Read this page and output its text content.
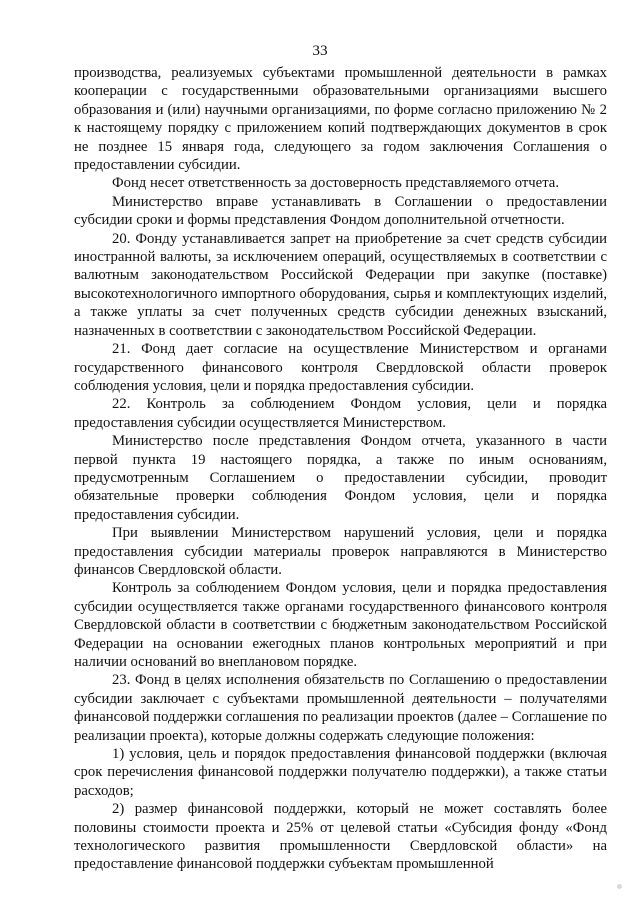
33

производства, реализуемых субъектами промышленной деятельности в рамках кооперации с государственными образовательными организациями высшего образования и (или) научными организациями, по форме согласно приложению № 2 к настоящему порядку с приложением копий подтверждающих документов в срок не позднее 15 января года, следующего за годом заключения Соглашения о предоставлении субсидии.

Фонд несет ответственность за достоверность представляемого отчета.

Министерство вправе устанавливать в Соглашении о предоставлении субсидии сроки и формы представления Фондом дополнительной отчетности.

20. Фонду устанавливается запрет на приобретение за счет средств субсидии иностранной валюты, за исключением операций, осуществляемых в соответствии с валютным законодательством Российской Федерации при закупке (поставке) высокотехнологичного импортного оборудования, сырья и комплектующих изделий, а также уплаты за счет полученных средств субсидии денежных взысканий, назначенных в соответствии с законодательством Российской Федерации.

21. Фонд дает согласие на осуществление Министерством и органами государственного финансового контроля Свердловской области проверок соблюдения условия, цели и порядка предоставления субсидии.

22. Контроль за соблюдением Фондом условия, цели и порядка предоставления субсидии осуществляется Министерством.

Министерство после представления Фондом отчета, указанного в части первой пункта 19 настоящего порядка, а также по иным основаниям, предусмотренным Соглашением о предоставлении субсидии, проводит обязательные проверки соблюдения Фондом условия, цели и порядка предоставления субсидии.

При выявлении Министерством нарушений условия, цели и порядка предоставления субсидии материалы проверок направляются в Министерство финансов Свердловской области.

Контроль за соблюдением Фондом условия, цели и порядка предоставления субсидии осуществляется также органами государственного финансового контроля Свердловской области в соответствии с бюджетным законодательством Российской Федерации на основании ежегодных планов контрольных мероприятий и при наличии оснований во внеплановом порядке.

23. Фонд в целях исполнения обязательств по Соглашению о предоставлении субсидии заключает с субъектами промышленной деятельности – получателями финансовой поддержки соглашения по реализации проектов (далее – Соглашение по реализации проекта), которые должны содержать следующие положения:

1) условия, цель и порядок предоставления финансовой поддержки (включая срок перечисления финансовой поддержки получателю поддержки), а также статьи расходов;

2) размер финансовой поддержки, который не может составлять более половины стоимости проекта и 25% от целевой статьи «Субсидия фонду «Фонд технологического развития промышленности Свердловской области» на предоставление финансовой поддержки субъектам промышленной
